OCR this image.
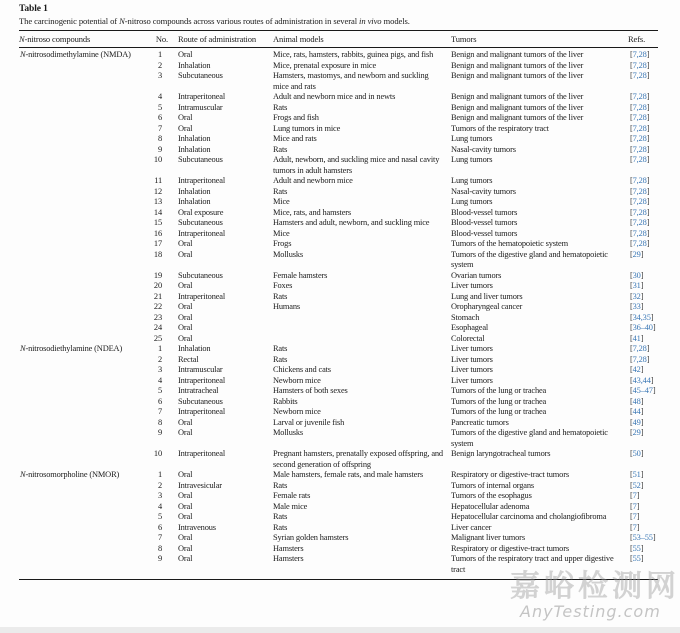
Table 1
The carcinogenic potential of N-nitroso compounds across various routes of administration in several in vivo models.
N-nitroso compounds	No.	Route of administration	Animal models	Tumors	Refs.
N-nitrosodimethylamine (NMDA)	1	Oral	Mice, rats, hamsters, rabbits, guinea pigs, and fish	Benign and malignant tumors of the liver	[7,28]
	2	Inhalation	Mice, prenatal exposure in mice	Benign and malignant tumors of the liver	[7,28]
	3	Subcutaneous	Hamsters, mastomys, and newborn and suckling mice and rats	Benign and malignant tumors of the liver	[7,28]
	4	Intraperitoneal	Adult and newborn mice and in newts	Benign and malignant tumors of the liver	[7,28]
	5	Intramuscular	Rats	Benign and malignant tumors of the liver	[7,28]
	6	Oral	Frogs and fish	Benign and malignant tumors of the liver	[7,28]
	7	Oral	Lung tumors in mice	Tumors of the respiratory tract	[7,28]
	8	Inhalation	Mice and rats	Lung tumors	[7,28]
	9	Inhalation	Rats	Nasal-cavity tumors	[7,28]
	10	Subcutaneous	Adult, newborn, and suckling mice and nasal cavity tumors in adult hamsters	Lung tumors	[7,28]
	11	Intraperitoneal	Adult and newborn mice	Lung tumors	[7,28]
	12	Inhalation	Rats	Nasal-cavity tumors	[7,28]
	13	Inhalation	Mice	Lung tumors	[7,28]
	14	Oral exposure	Mice, rats, and hamsters	Blood-vessel tumors	[7,28]
	15	Subcutaneous	Hamsters and adult, newborn, and suckling mice	Blood-vessel tumors	[7,28]
	16	Intraperitoneal	Mice	Blood-vessel tumors	[7,28]
	17	Oral	Frogs	Tumors of the hematopoietic system	[7,28]
	18	Oral	Mollusks	Tumors of the digestive gland and hematopoietic system	[29]
	19	Subcutaneous	Female hamsters	Ovarian tumors	[30]
	20	Oral	Foxes	Liver tumors	[31]
	21	Intraperitoneal	Rats	Lung and liver tumors	[32]
	22	Oral	Humans	Oropharyngeal cancer	[33]
	23	Oral		Stomach	[34,35]
	24	Oral		Esophageal	[36–40]
	25	Oral		Colorectal	[41]
N-nitrosodiethylamine (NDEA)	1	Inhalation	Rats	Liver tumors	[7,28]
	2	Rectal	Rats	Liver tumors	[7,28]
	3	Intramuscular	Chickens and cats	Liver tumors	[42]
	4	Intraperitoneal	Newborn mice	Liver tumors	[43,44]
	5	Intratracheal	Hamsters of both sexes	Tumors of the lung or trachea	[45–47]
	6	Subcutaneous	Rabbits	Tumors of the lung or trachea	[48]
	7	Intraperitoneal	Newborn mice	Tumors of the lung or trachea	[44]
	8	Oral	Larval or juvenile fish	Pancreatic tumors	[49]
	9	Oral	Mollusks	Tumors of the digestive gland and hematopoietic system	[29]
	10	Intraperitoneal	Pregnant hamsters, prenatally exposed offspring, and second generation of offspring	Benign laryngotracheal tumors	[50]
N-nitrosomorpholine (NMOR)	1	Oral	Male hamsters, female rats, and male hamsters	Respiratory or digestive-tract tumors	[51]
	2	Intravesicular	Rats	Tumors of internal organs	[52]
	3	Oral	Female rats	Tumors of the esophagus	[7]
	4	Oral	Male mice	Hepatocellular adenoma	[7]
	5	Oral	Rats	Hepatocellular carcinoma and cholangiofibroma	[7]
	6	Intravenous	Rats	Liver cancer	[7]
	7	Oral	Syrian golden hamsters	Malignant liver tumors	[53–55]
	8	Oral	Hamsters	Respiratory or digestive-tract tumors	[55]
	9	Oral	Hamsters	Tumors of the respiratory tract and upper digestive tract	[55]
嘉峪检测网
AnyTesting.com
